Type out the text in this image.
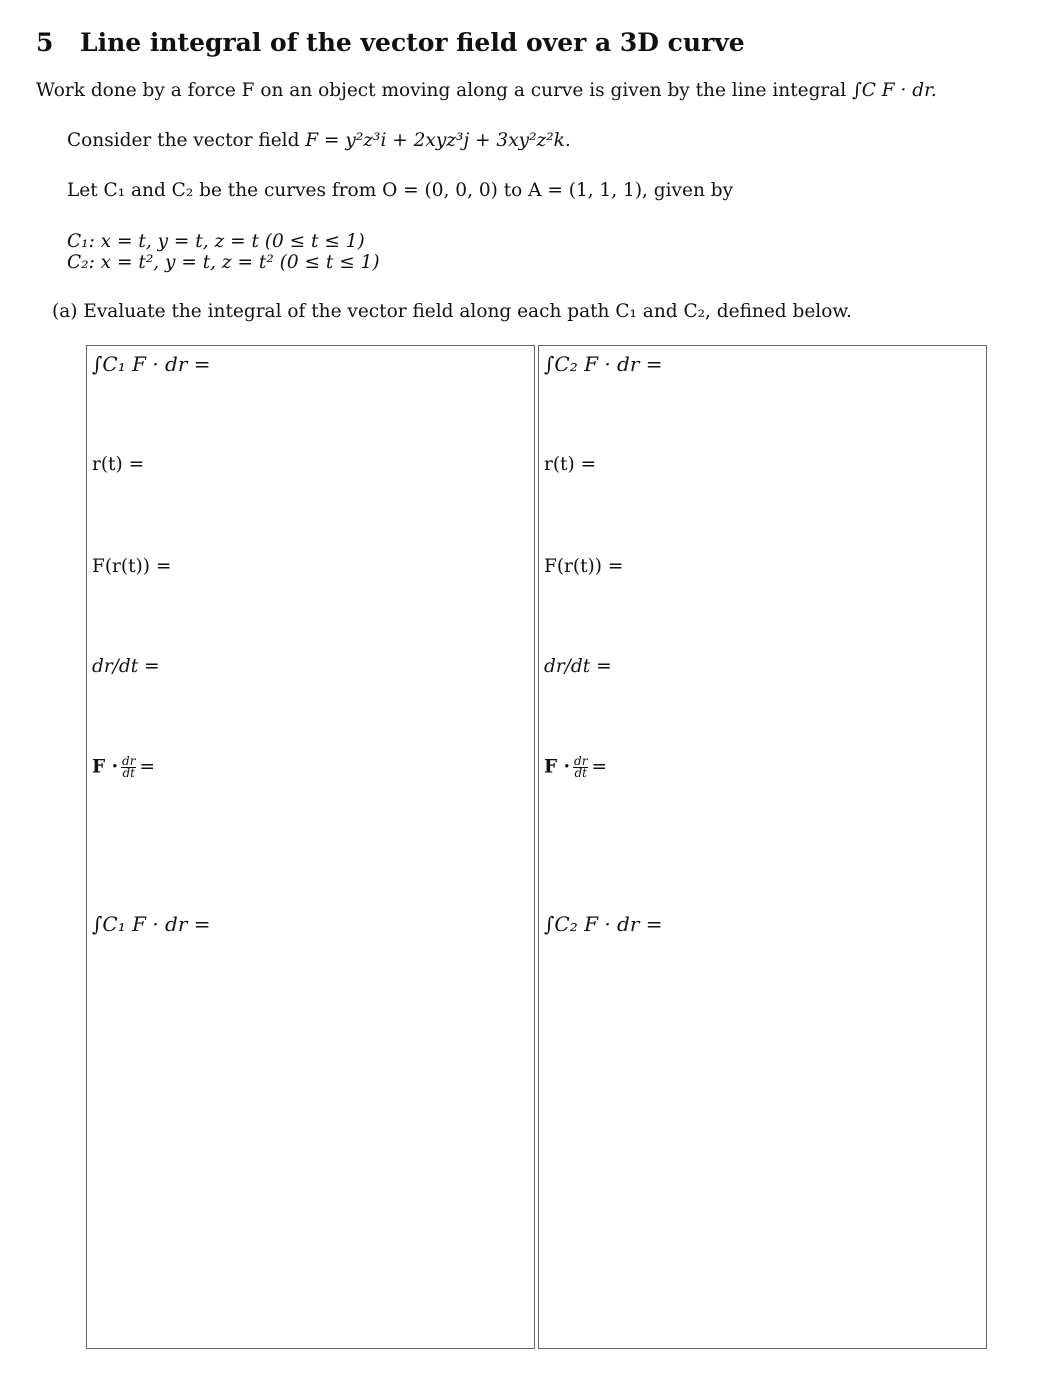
5 Line integral of the vector field over a 3D curve
Work done by a force F on an object moving along a curve is given by the line integral ∫C F · dr.
Consider the vector field F = y²z³i + 2xyz³j + 3xy²z²k.
Let C₁ and C₂ be the curves from O = (0, 0, 0) to A = (1, 1, 1), given by
C₁: x = t, y = t, z = t (0 ≤ t ≤ 1)
C₂: x = t², y = t, z = t² (0 ≤ t ≤ 1)
(a) Evaluate the integral of the vector field along each path C₁ and C₂, defined below.
∫C₁ F · dr =
r(t) =
F(r(t)) =
dr/dt =
$F \cdot \frac{dr}{dt}$ =
∫C₁ F · dr =
∫C₂ F · dr =
r(t) =
F(r(t)) =
dr/dt =
$F \cdot \frac{dr}{dt}$ =
∫C₂ F · dr =
